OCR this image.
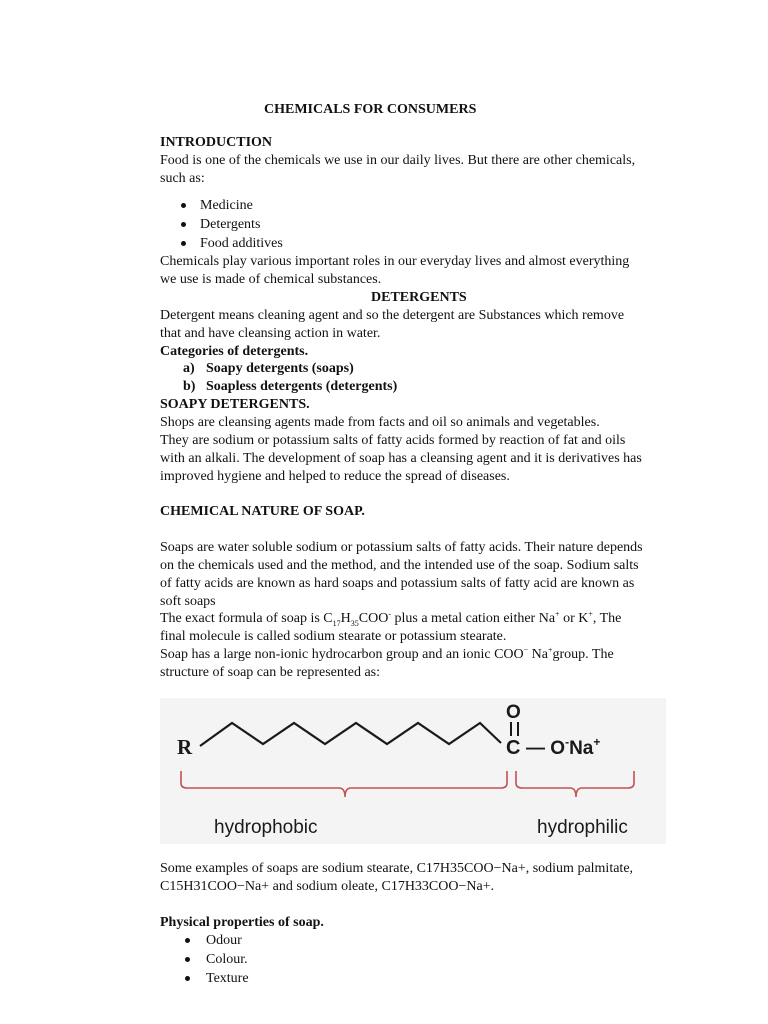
CHEMICALS FOR CONSUMERS
INTRODUCTION
Food is one of the chemicals we use in our daily lives. But there are other chemicals,
such as:
Medicine
Detergents
Food additives
Chemicals play various important roles in our everyday lives and almost everything
we use is made of chemical substances.
DETERGENTS
Detergent means cleaning agent and so the detergent are Substances which remove
that and have cleansing action in water.
Categories of detergents.
a) Soapy detergents (soaps)
b) Soapless detergents (detergents)
SOAPY DETERGENTS.
Shops are cleansing agents made from facts and oil so animals and vegetables.
They are sodium or potassium salts of fatty acids formed by reaction of fat and oils
with an alkali. The development of soap has a cleansing agent and it is derivatives has
improved hygiene and helped to reduce the spread of diseases.
CHEMICAL NATURE OF SOAP.
Soaps are water soluble sodium or potassium salts of fatty acids. Their nature depends
on the chemicals used and the method, and the intended use of the soap. Sodium salts
of fatty acids are known as hard soaps and potassium salts of fatty acid are known as
soft soaps
The exact formula of soap is $C_{17}H_{35}COO^-$ plus a metal cation either Na+ or K+, The
final molecule is called sodium stearate or potassium stearate.
Soap has a large non-ionic hydrocarbon group and an ionic COO− Na+group. The
structure of soap can be represented as:
R
O
C — O-Na+
hydrophobic	hydrophilic
Some examples of soaps are sodium stearate, C17H35COO−Na+, sodium palmitate,
C15H31COO−Na+ and sodium oleate, C17H33COO−Na+.
Physical properties of soap.
Odour
Colour.
Texture
